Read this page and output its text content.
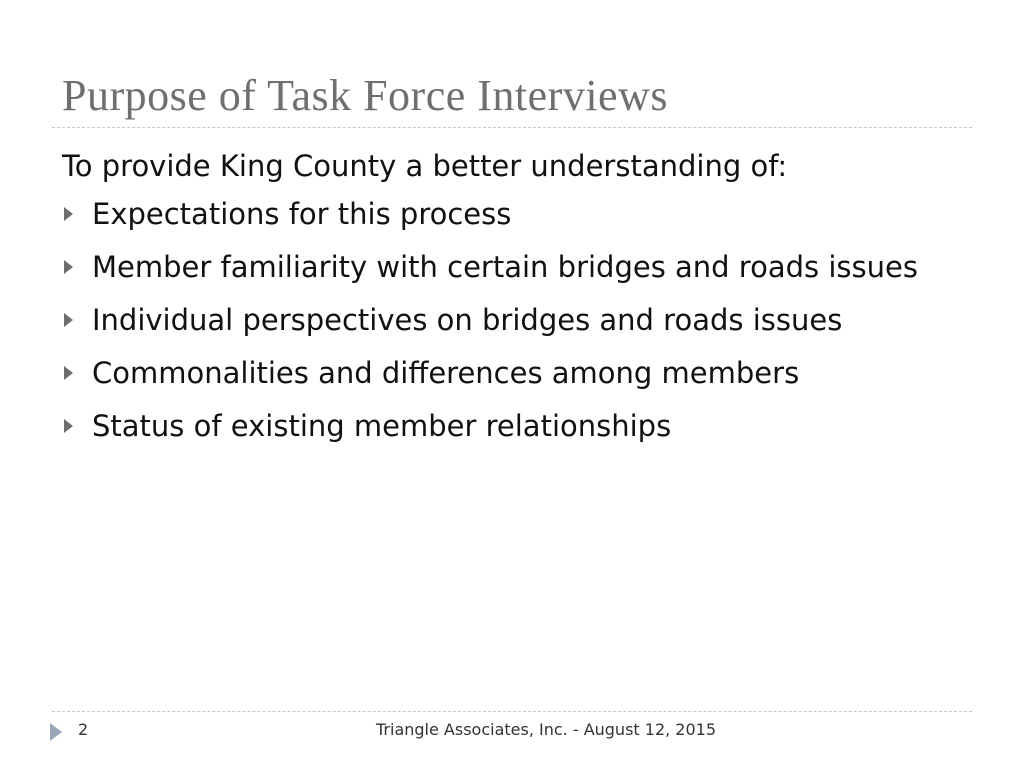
Purpose of Task Force Interviews
To provide King County a better understanding of:
Expectations for this process
Member familiarity with certain bridges and roads issues
Individual perspectives on bridges and roads issues
Commonalities and differences among members
Status of existing member relationships
2	Triangle Associates, Inc. - August 12, 2015
